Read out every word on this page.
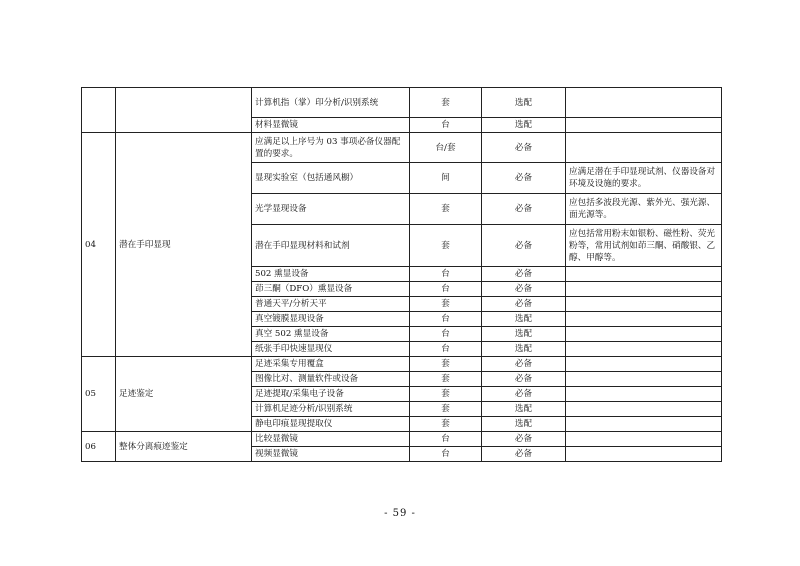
		计算机指（掌）印分析/识别系统	套	选配	
		材料显微镜	台	选配	
04	潜在手印显现	应满足以上序号为 03 事项必备仪器配置的要求。	台/套	必备	
		显现实验室（包括通风橱）	间	必备	应满足潜在手印显现试剂、仪器设备对环境及设施的要求。
		光学显现设备	套	必备	应包括多波段光源、紫外光、强光源、面光源等。
		潜在手印显现材料和试剂	套	必备	应包括常用粉末如银粉、磁性粉、荧光粉等，常用试剂如茚三酮、硝酸银、乙醇、甲醇等。
		502 熏显设备	台	必备	
		茚三酮（DFO）熏显设备	台	必备	
		普通天平/分析天平	套	必备	
		真空镀膜显现设备	台	选配	
		真空 502 熏显设备	台	选配	
		纸张手印快速显现仪	台	选配	
05	足迹鉴定	足迹采集专用覆盒	套	必备	
		图像比对、测量软件或设备	套	必备	
		足迹提取/采集电子设备	套	必备	
		计算机足迹分析/识别系统	套	选配	
		静电印痕显现提取仪	套	选配	
06	整体分离痕迹鉴定	比较显微镜	台	必备	
		视频显微镜	台	必备	
- 59 -
